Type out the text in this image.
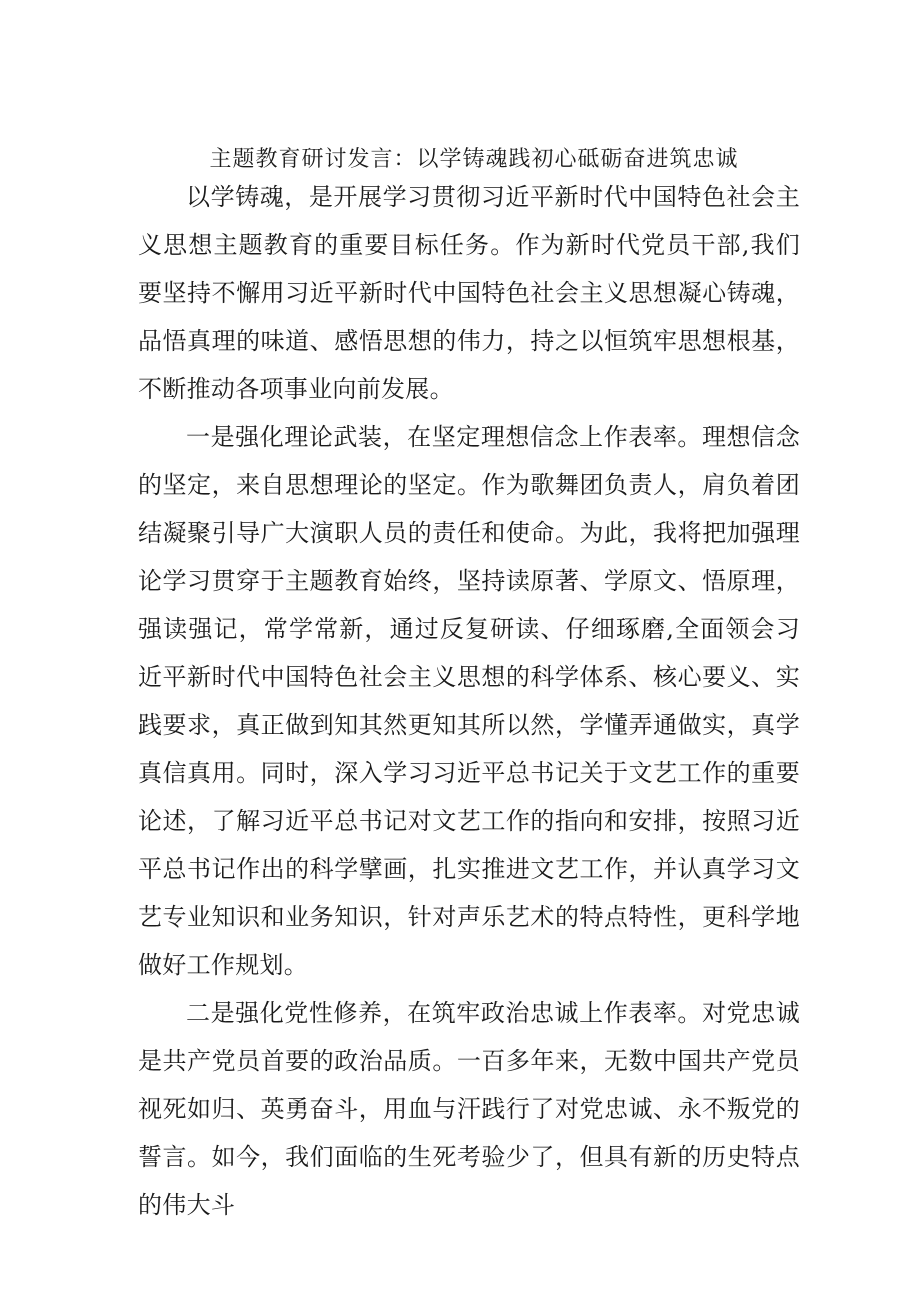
主题教育研讨发言：以学铸魂践初心砥砺奋进筑忠诚

以学铸魂，是开展学习贯彻习近平新时代中国特色社会主义思想主题教育的重要目标任务。作为新时代党员干部,我们要坚持不懈用习近平新时代中国特色社会主义思想凝心铸魂，品悟真理的味道、感悟思想的伟力，持之以恒筑牢思想根基，不断推动各项事业向前发展。

一是强化理论武装，在坚定理想信念上作表率。理想信念的坚定，来自思想理论的坚定。作为歌舞团负责人，肩负着团结凝聚引导广大演职人员的责任和使命。为此，我将把加强理论学习贯穿于主题教育始终，坚持读原著、学原文、悟原理，强读强记，常学常新，通过反复研读、仔细琢磨,全面领会习近平新时代中国特色社会主义思想的科学体系、核心要义、实践要求，真正做到知其然更知其所以然，学懂弄通做实，真学真信真用。同时，深入学习习近平总书记关于文艺工作的重要论述，了解习近平总书记对文艺工作的指向和安排，按照习近平总书记作出的科学擘画，扎实推进文艺工作，并认真学习文艺专业知识和业务知识，针对声乐艺术的特点特性，更科学地做好工作规划。

二是强化党性修养，在筑牢政治忠诚上作表率。对党忠诚是共产党员首要的政治品质。一百多年来，无数中国共产党员视死如归、英勇奋斗，用血与汗践行了对党忠诚、永不叛党的誓言。如今，我们面临的生死考验少了，但具有新的历史特点的伟大斗
